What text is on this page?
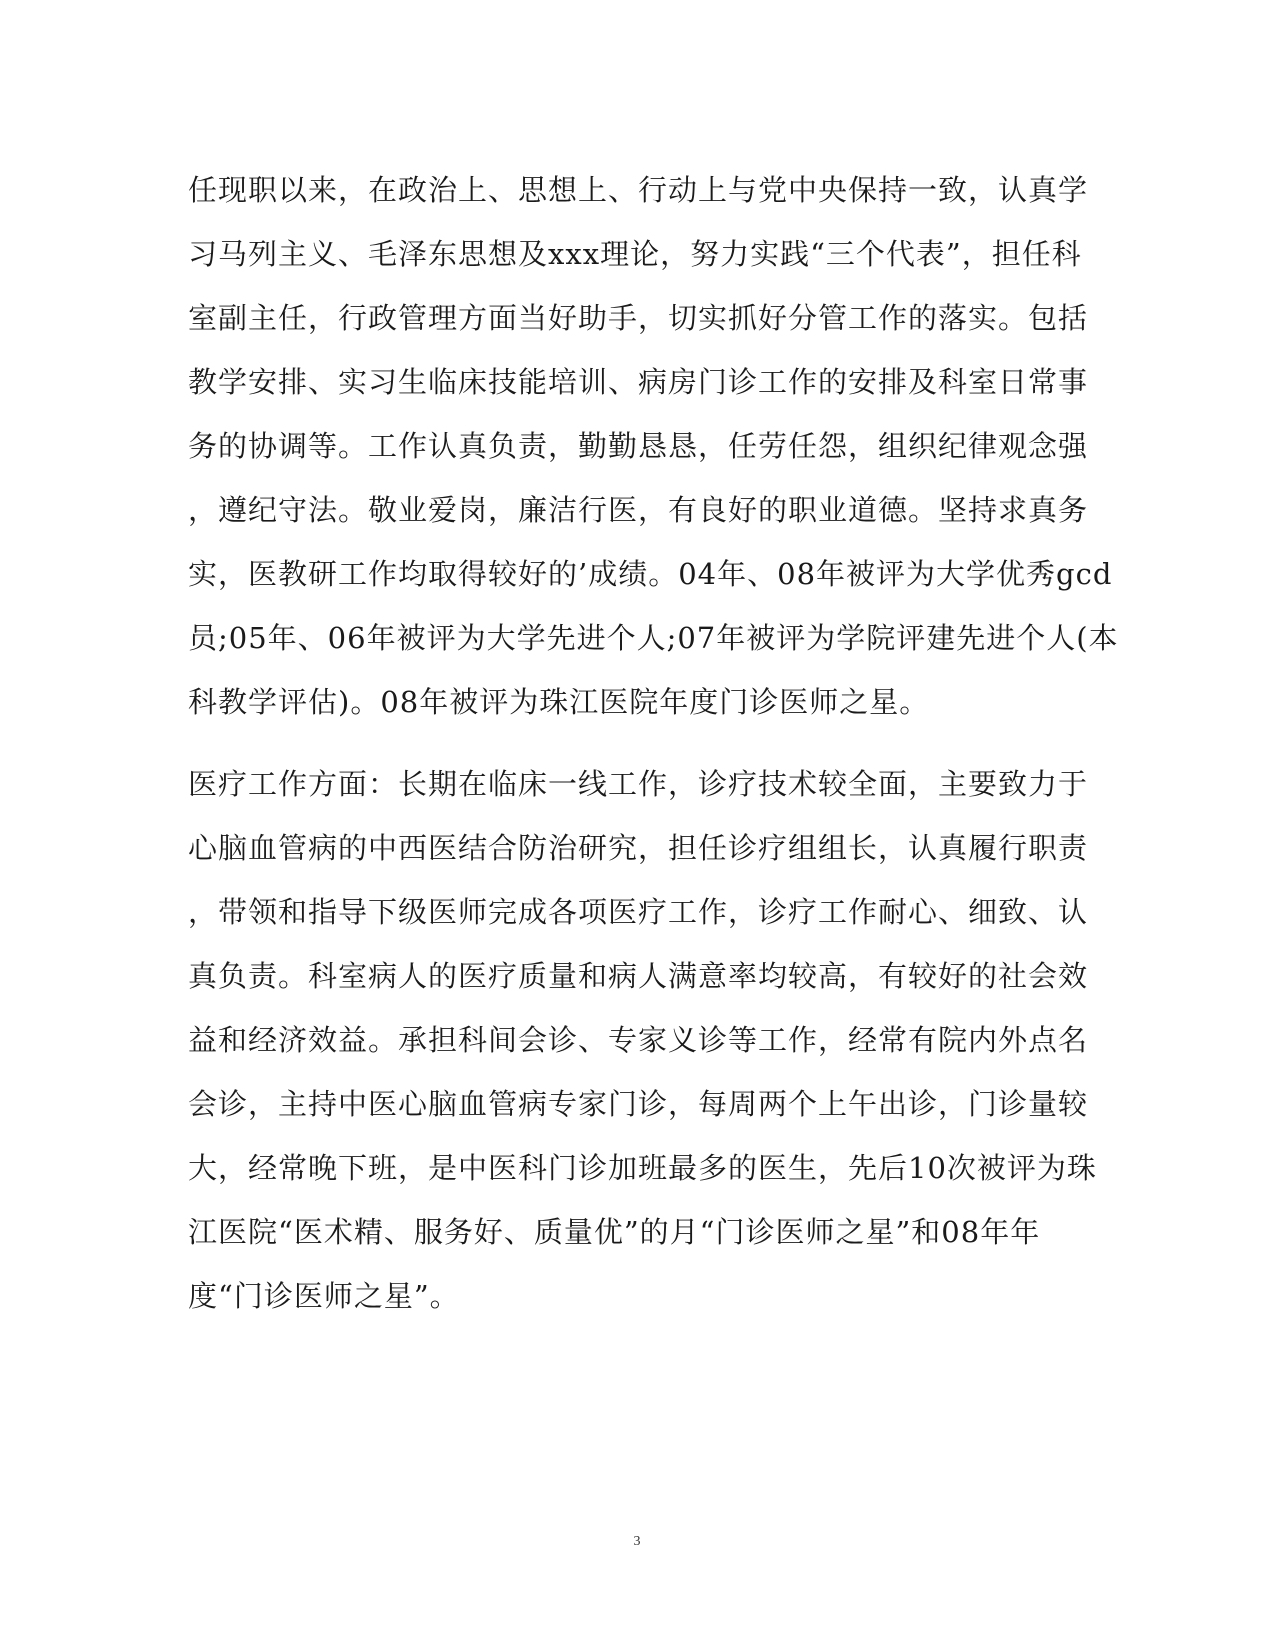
任现职以来，在政治上、思想上、行动上与党中央保持一致，认真学
习马列主义、毛泽东思想及xxx理论，努力实践“三个代表”，担任科
室副主任，行政管理方面当好助手，切实抓好分管工作的落实。包括
教学安排、实习生临床技能培训、病房门诊工作的安排及科室日常事
务的协调等。工作认真负责，勤勤恳恳，任劳任怨，组织纪律观念强
，遵纪守法。敬业爱岗，廉洁行医，有良好的职业道德。坚持求真务
实，医教研工作均取得较好的’成绩。04年、08年被评为大学优秀gcd
员;05年、06年被评为大学先进个人;07年被评为学院评建先进个人(本
科教学评估)。08年被评为珠江医院年度门诊医师之星。
医疗工作方面：长期在临床一线工作，诊疗技术较全面，主要致力于
心脑血管病的中西医结合防治研究，担任诊疗组组长，认真履行职责
，带领和指导下级医师完成各项医疗工作，诊疗工作耐心、细致、认
真负责。科室病人的医疗质量和病人满意率均较高，有较好的社会效
益和经济效益。承担科间会诊、专家义诊等工作，经常有院内外点名
会诊，主持中医心脑血管病专家门诊，每周两个上午出诊，门诊量较
大，经常晚下班，是中医科门诊加班最多的医生，先后10次被评为珠
江医院“医术精、服务好、质量优”的月“门诊医师之星”和08年年
度“门诊医师之星”。
3
